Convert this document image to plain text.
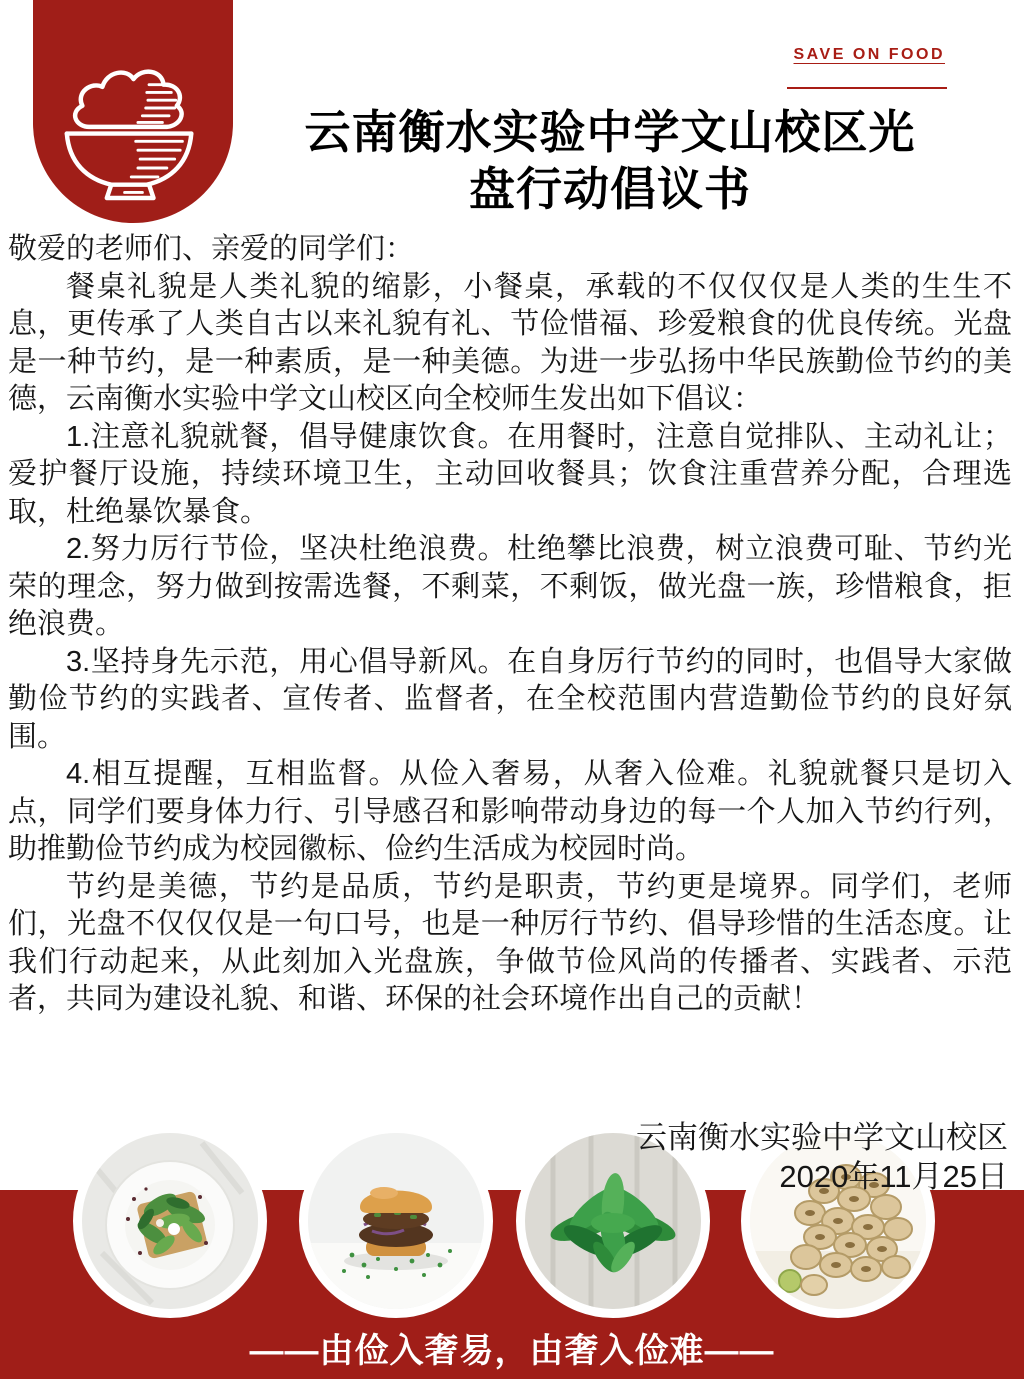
SAVE ON FOOD
云南衡水实验中学文山校区光
盘行动倡议书

敬爱的老师们、亲爱的同学们：

餐桌礼貌是人类礼貌的缩影，小餐桌，承载的不仅仅仅是人类的生生不息，更传承了人类自古以来礼貌有礼、节俭惜福、珍爱粮食的优良传统。光盘是一种节约，是一种素质，是一种美德。为进一步弘扬中华民族勤俭节约的美德，云南衡水实验中学文山校区向全校师生发出如下倡议：

1.注意礼貌就餐，倡导健康饮食。在用餐时，注意自觉排队、主动礼让；爱护餐厅设施，持续环境卫生，主动回收餐具；饮食注重营养分配，合理选取，杜绝暴饮暴食。

2.努力厉行节俭，坚决杜绝浪费。杜绝攀比浪费，树立浪费可耻、节约光荣的理念，努力做到按需选餐，不剩菜，不剩饭，做光盘一族，珍惜粮食，拒绝浪费。

3.坚持身先示范，用心倡导新风。在自身厉行节约的同时，也倡导大家做勤俭节约的实践者、宣传者、监督者，在全校范围内营造勤俭节约的良好氛围。

4.相互提醒，互相监督。从俭入奢易，从奢入俭难。礼貌就餐只是切入点，同学们要身体力行、引导感召和影响带动身边的每一个人加入节约行列，助推勤俭节约成为校园徽标、俭约生活成为校园时尚。

节约是美德，节约是品质，节约是职责，节约更是境界。同学们，老师们，光盘不仅仅仅是一句口号，也是一种厉行节约、倡导珍惜的生活态度。让我们行动起来，从此刻加入光盘族，争做节俭风尚的传播者、实践者、示范者，共同为建设礼貌、和谐、环保的社会环境作出自己的贡献！

云南衡水实验中学文山校区
2020年11月25日
——由俭入奢易，由奢入俭难——
